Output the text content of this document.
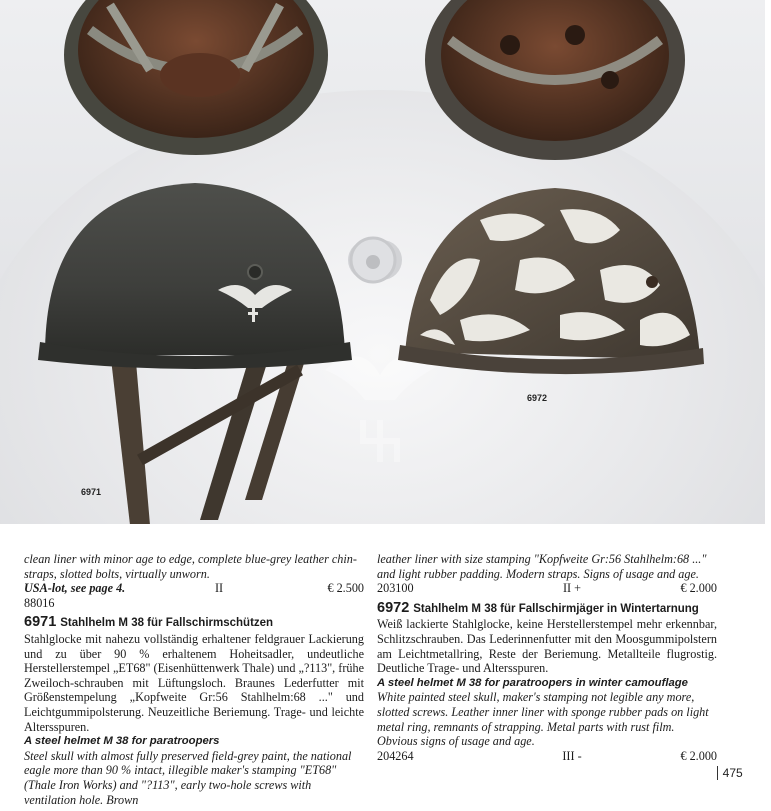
6971
6972
clean liner with minor age to edge, complete blue-grey leather chin-straps, slotted bolts, virtually unworn.
USA-lot, see page 4. 88016
II	€ 2.500
6971 Stahlhelm M 38 für Fallschirmschützen
Stahlglocke mit nahezu vollständig erhaltener feldgrauer Lackierung und zu über 90 % erhaltenem Hoheitsadler, undeutliche Herstellerstempel „ET68" (Eisenhüttenwerk Thale) und „?113", frühe Zweiloch-schrauben mit Lüftungsloch. Braunes Lederfutter mit Größenstempelung „Kopfweite Gr:56 Stahlhelm:68 ..." und Leichtgummipolsterung. Neuzeitliche Beriemung. Trage- und leichte Altersspuren.
A steel helmet M 38 for paratroopers
Steel skull with almost fully preserved field-grey paint, the national eagle more than 90 % intact, illegible maker's stamping "ET68" (Thale Iron Works) and "?113", early two-hole screws with ventilation hole. Brown
leather liner with size stamping "Kopfweite Gr:56 Stahlhelm:68 ..." and light rubber padding. Modern straps. Signs of usage and age.
203100	II +	€ 2.000
6972 Stahlhelm M 38 für Fallschirmjäger in Wintertarnung
Weiß lackierte Stahlglocke, keine Herstellerstempel mehr erkennbar, Schlitzschrauben. Das Lederinnenfutter mit den Moosgummipolstern am Leichtmetallring, Reste der Beriemung. Metallteile flugrostig. Deutliche Trage- und Altersspuren.
A steel helmet M 38 for paratroopers in winter camouflage
White painted steel skull, maker's stamping not legible any more, slotted screws. Leather inner liner with sponge rubber pads on light metal ring, remnants of strapping. Metal parts with rust film. Obvious signs of usage and age.
204264	III -	€ 2.000
475
